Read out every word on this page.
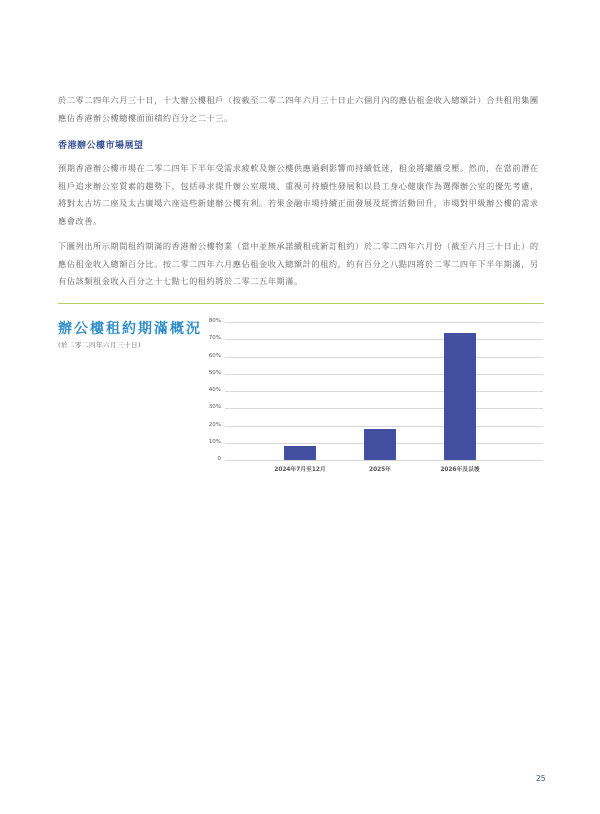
於二零二四年六月三十日，十大辦公樓租戶（按截至二零二四年六月三十日止六個月內的應佔租金收入總額計）合共租用集團應佔香港辦公樓總樓面面積約百分之二十三。

香港辦公樓市場展望

預期香港辦公樓市場在二零二四年下半年受需求疲軟及辦公樓供應過剩影響而持續低迷，租金將繼續受壓。然而，在當前潛在租戶追求辦公室質素的趨勢下，包括尋求提升辦公室環境、重視可持續性發展和以員工身心健康作為選擇辦公室的優先考慮，將對太古坊二座及太古廣場六座這些新建辦公樓有利。若果金融市場持續正面發展及經濟活動回升，市場對甲級辦公樓的需求應會改善。

下圖列出所示期間租約期滿的香港辦公樓物業（當中並無承諾續租或新訂租約）於二零二四年六月份（截至六月三十日止）的應佔租金收入總額百分比。按二零二四年六月應佔租金收入總額計的租約，約有百分之八點四將於二零二四年下半年期滿，另有佔該類租金收入百分之十七點七的租約將於二零二五年期滿。

辦公樓租約期滿概況
(於二零二四年六月三十日)
0
10%
20%
30%
40%
50%
60%
70%
80%
2024年7月至12月	2025年	2026年及以後
25
